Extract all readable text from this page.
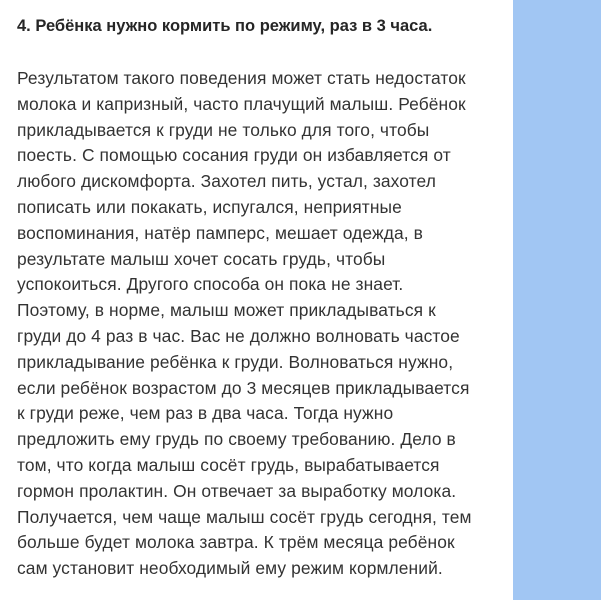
4. Ребёнка нужно кормить по режиму, раз в 3 часа.
Результатом такого поведения может стать недостаток
молока и капризный, часто плачущий малыш. Ребёнок
прикладывается к груди не только для того, чтобы
поесть. С помощью сосания груди он избавляется от
любого дискомфорта. Захотел пить, устал, захотел
пописать или покакать, испугался, неприятные
воспоминания, натёр памперс, мешает одежда, в
результате малыш хочет сосать грудь, чтобы
успокоиться. Другого способа он пока не знает.
Поэтому, в норме, малыш может прикладываться к
груди до 4 раз в час. Вас не должно волновать частое
прикладывание ребёнка к груди. Волноваться нужно,
если ребёнок возрастом до 3 месяцев прикладывается
к груди реже, чем раз в два часа. Тогда нужно
предложить ему грудь по своему требованию. Дело в
том, что когда малыш сосёт грудь, вырабатывается
гормон пролактин. Он отвечает за выработку молока.
Получается, чем чаще малыш сосёт грудь сегодня, тем
больше будет молока завтра. К трём месяца ребёнок
сам установит необходимый ему режим кормлений.
